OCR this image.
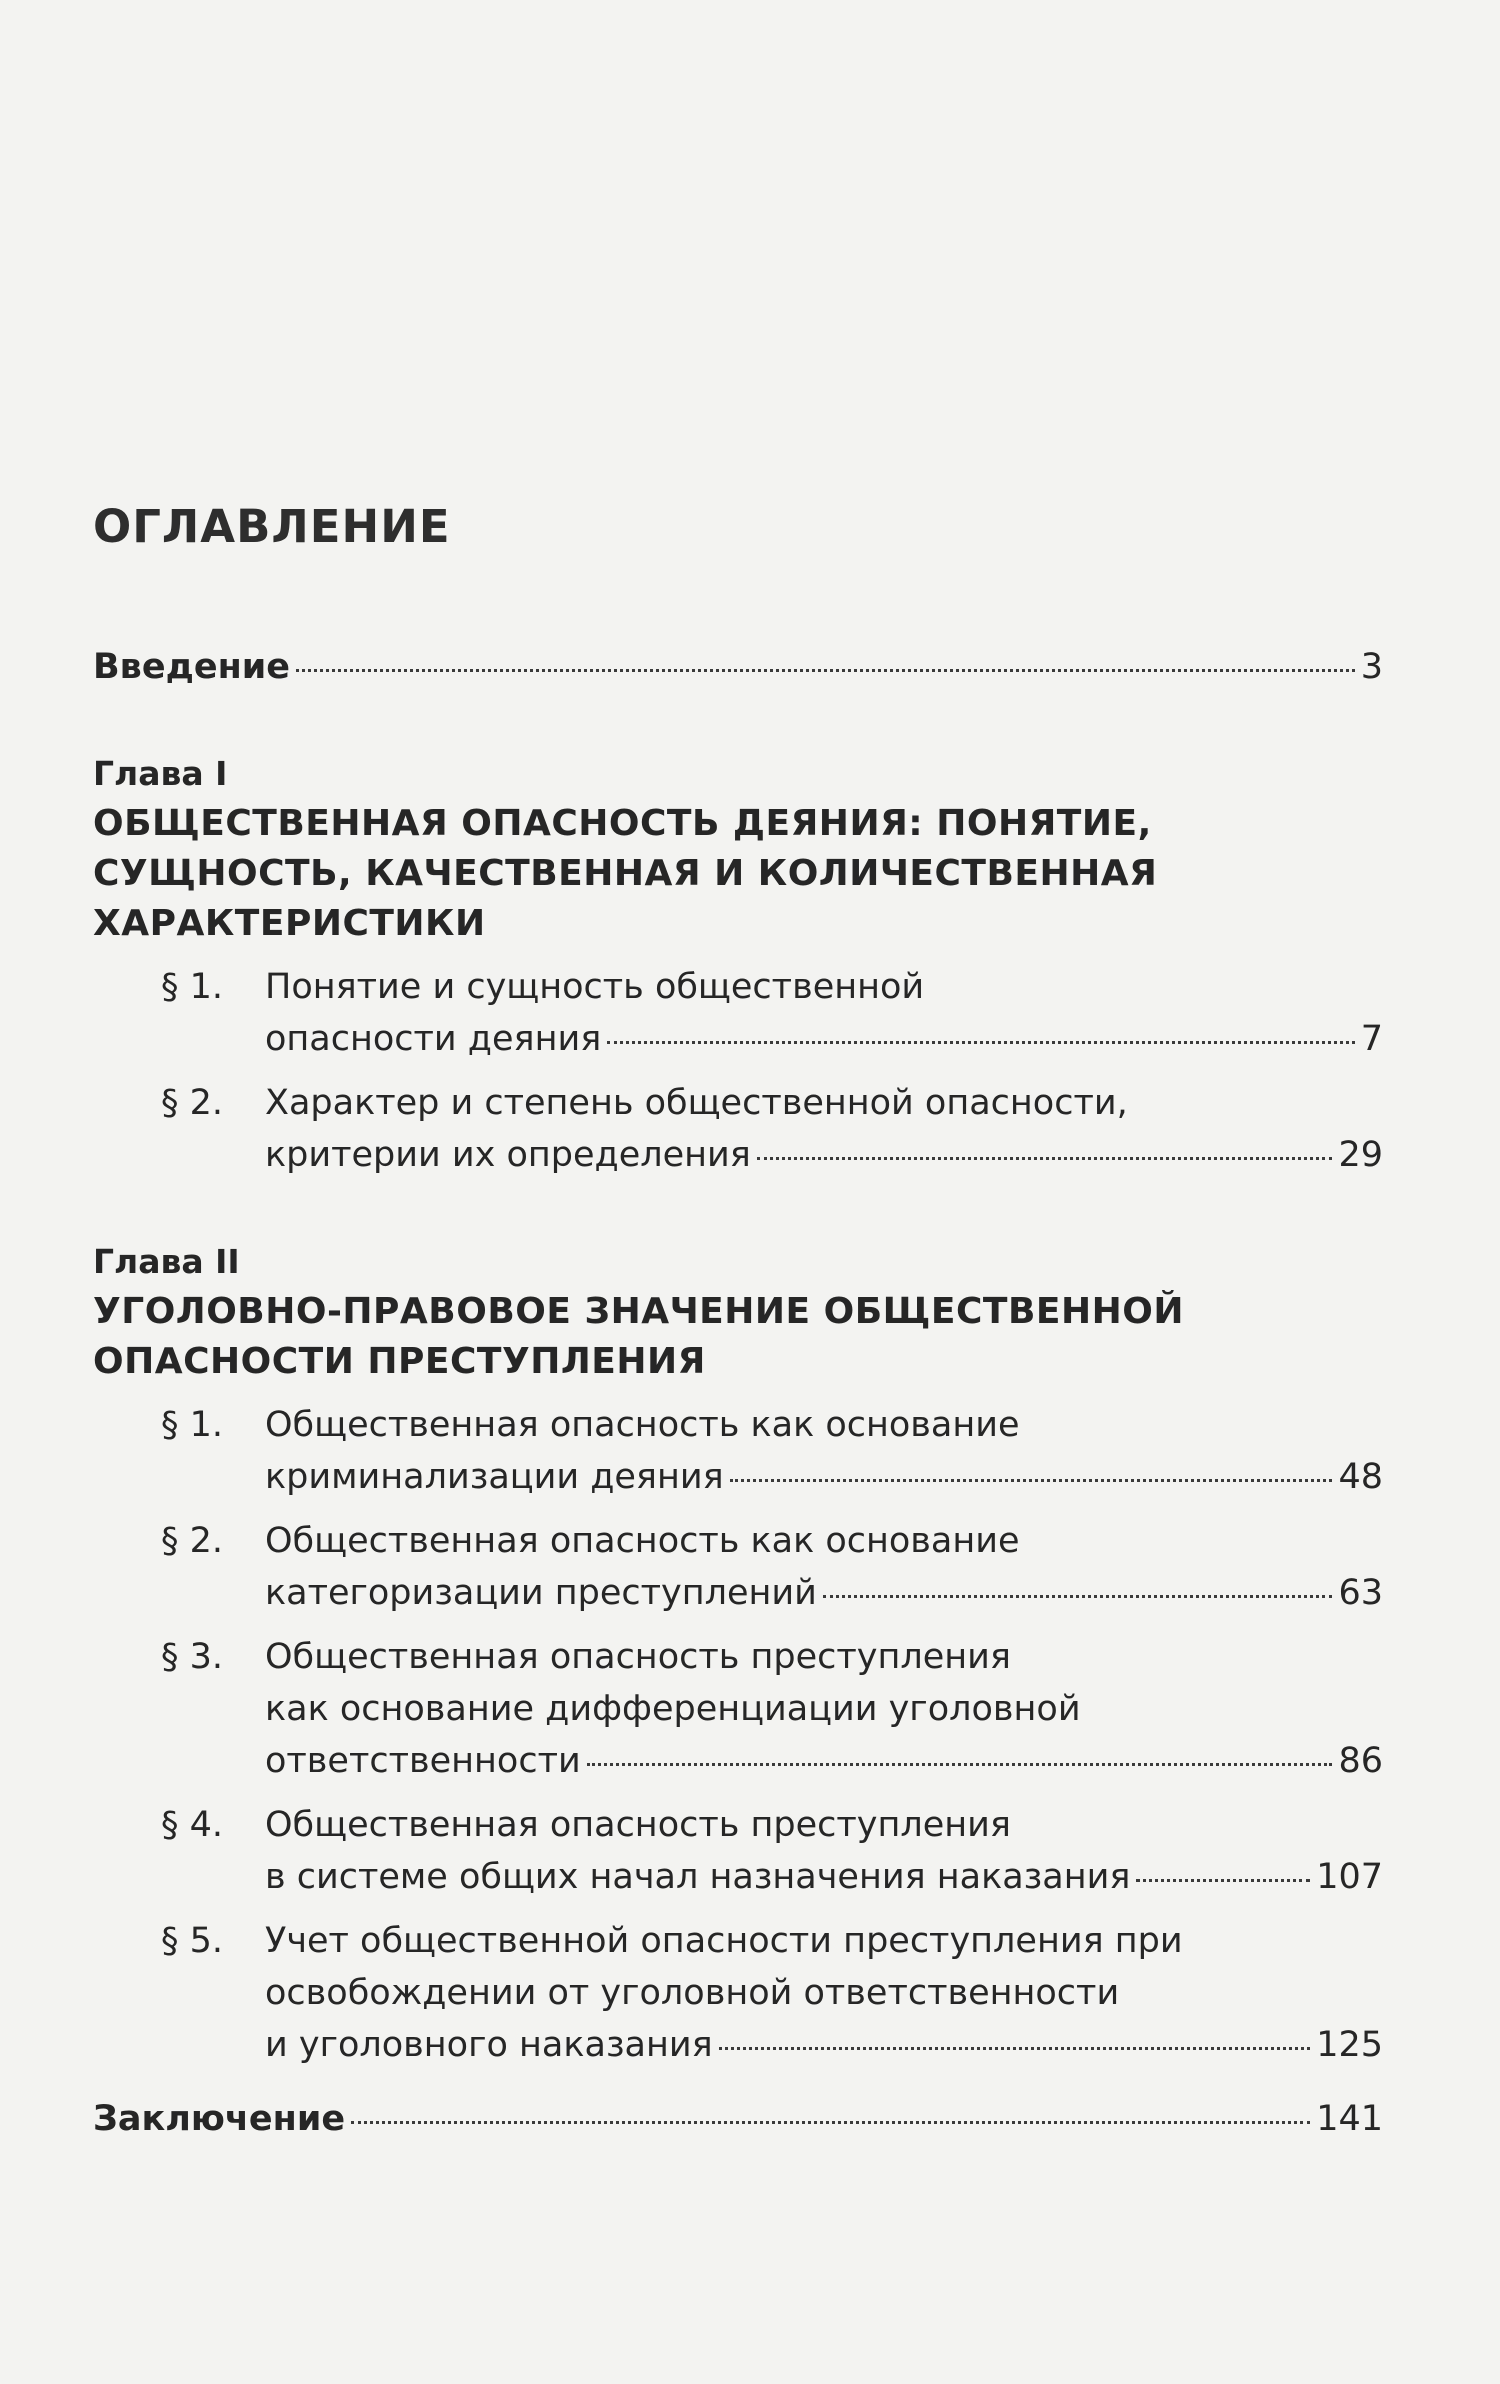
ОГЛАВЛЕНИЕ
Введение	3
Глава I
ОБЩЕСТВЕННАЯ ОПАСНОСТЬ ДЕЯНИЯ: ПОНЯТИЕ,
СУЩНОСТЬ, КАЧЕСТВЕННАЯ И КОЛИЧЕСТВЕННАЯ
ХАРАКТЕРИСТИКИ
§ 1.	Понятие и сущность общественной
опасности деяния	7
§ 2.	Характер и степень общественной опасности,
критерии их определения	29
Глава II
УГОЛОВНО-ПРАВОВОЕ ЗНАЧЕНИЕ ОБЩЕСТВЕННОЙ
ОПАСНОСТИ ПРЕСТУПЛЕНИЯ
§ 1.	Общественная опасность как основание
криминализации деяния	48
§ 2.	Общественная опасность как основание
категоризации преступлений	63
§ 3.	Общественная опасность преступления
как основание дифференциации уголовной
ответственности	86
§ 4.	Общественная опасность преступления
в системе общих начал назначения наказания	107
§ 5.	Учет общественной опасности преступления при
освобождении от уголовной ответственности
и уголовного наказания	125
Заключение	141
